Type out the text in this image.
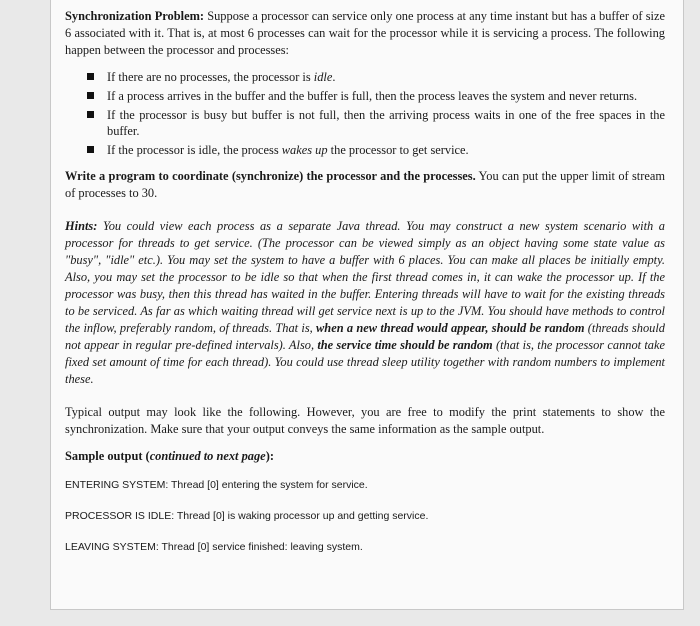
Synchronization Problem: Suppose a processor can service only one process at any time instant but has a buffer of size 6 associated with it. That is, at most 6 processes can wait for the processor while it is servicing a process. The following happen between the processor and processes:

If there are no processes, the processor is idle.
If a process arrives in the buffer and the buffer is full, then the process leaves the system and never returns.
If the processor is busy but buffer is not full, then the arriving process waits in one of the free spaces in the buffer.
If the processor is idle, the process wakes up the processor to get service.

Write a program to coordinate (synchronize) the processor and the processes. You can put the upper limit of stream of processes to 30.

Hints: You could view each process as a separate Java thread. You may construct a new system scenario with a processor for threads to get service. (The processor can be viewed simply as an object having some state value as "busy", "idle" etc.). You may set the system to have a buffer with 6 places. You can make all places be initially empty. Also, you may set the processor to be idle so that when the first thread comes in, it can wake the processor up. If the processor was busy, then this thread has waited in the buffer. Entering threads will have to wait for the existing threads to be serviced. As far as which waiting thread will get service next is up to the JVM. You should have methods to control the inflow, preferably random, of threads. That is, when a new thread would appear, should be random (threads should not appear in regular pre-defined intervals). Also, the service time should be random (that is, the processor cannot take fixed set amount of time for each thread). You could use thread sleep utility together with random numbers to implement these.

Typical output may look like the following. However, you are free to modify the print statements to show the synchronization. Make sure that your output conveys the same information as the sample output.

Sample output (continued to next page):

ENTERING SYSTEM: Thread [0] entering the system for service.

PROCESSOR IS IDLE: Thread [0] is waking processor up and getting service.

LEAVING SYSTEM: Thread [0] service finished: leaving system.
